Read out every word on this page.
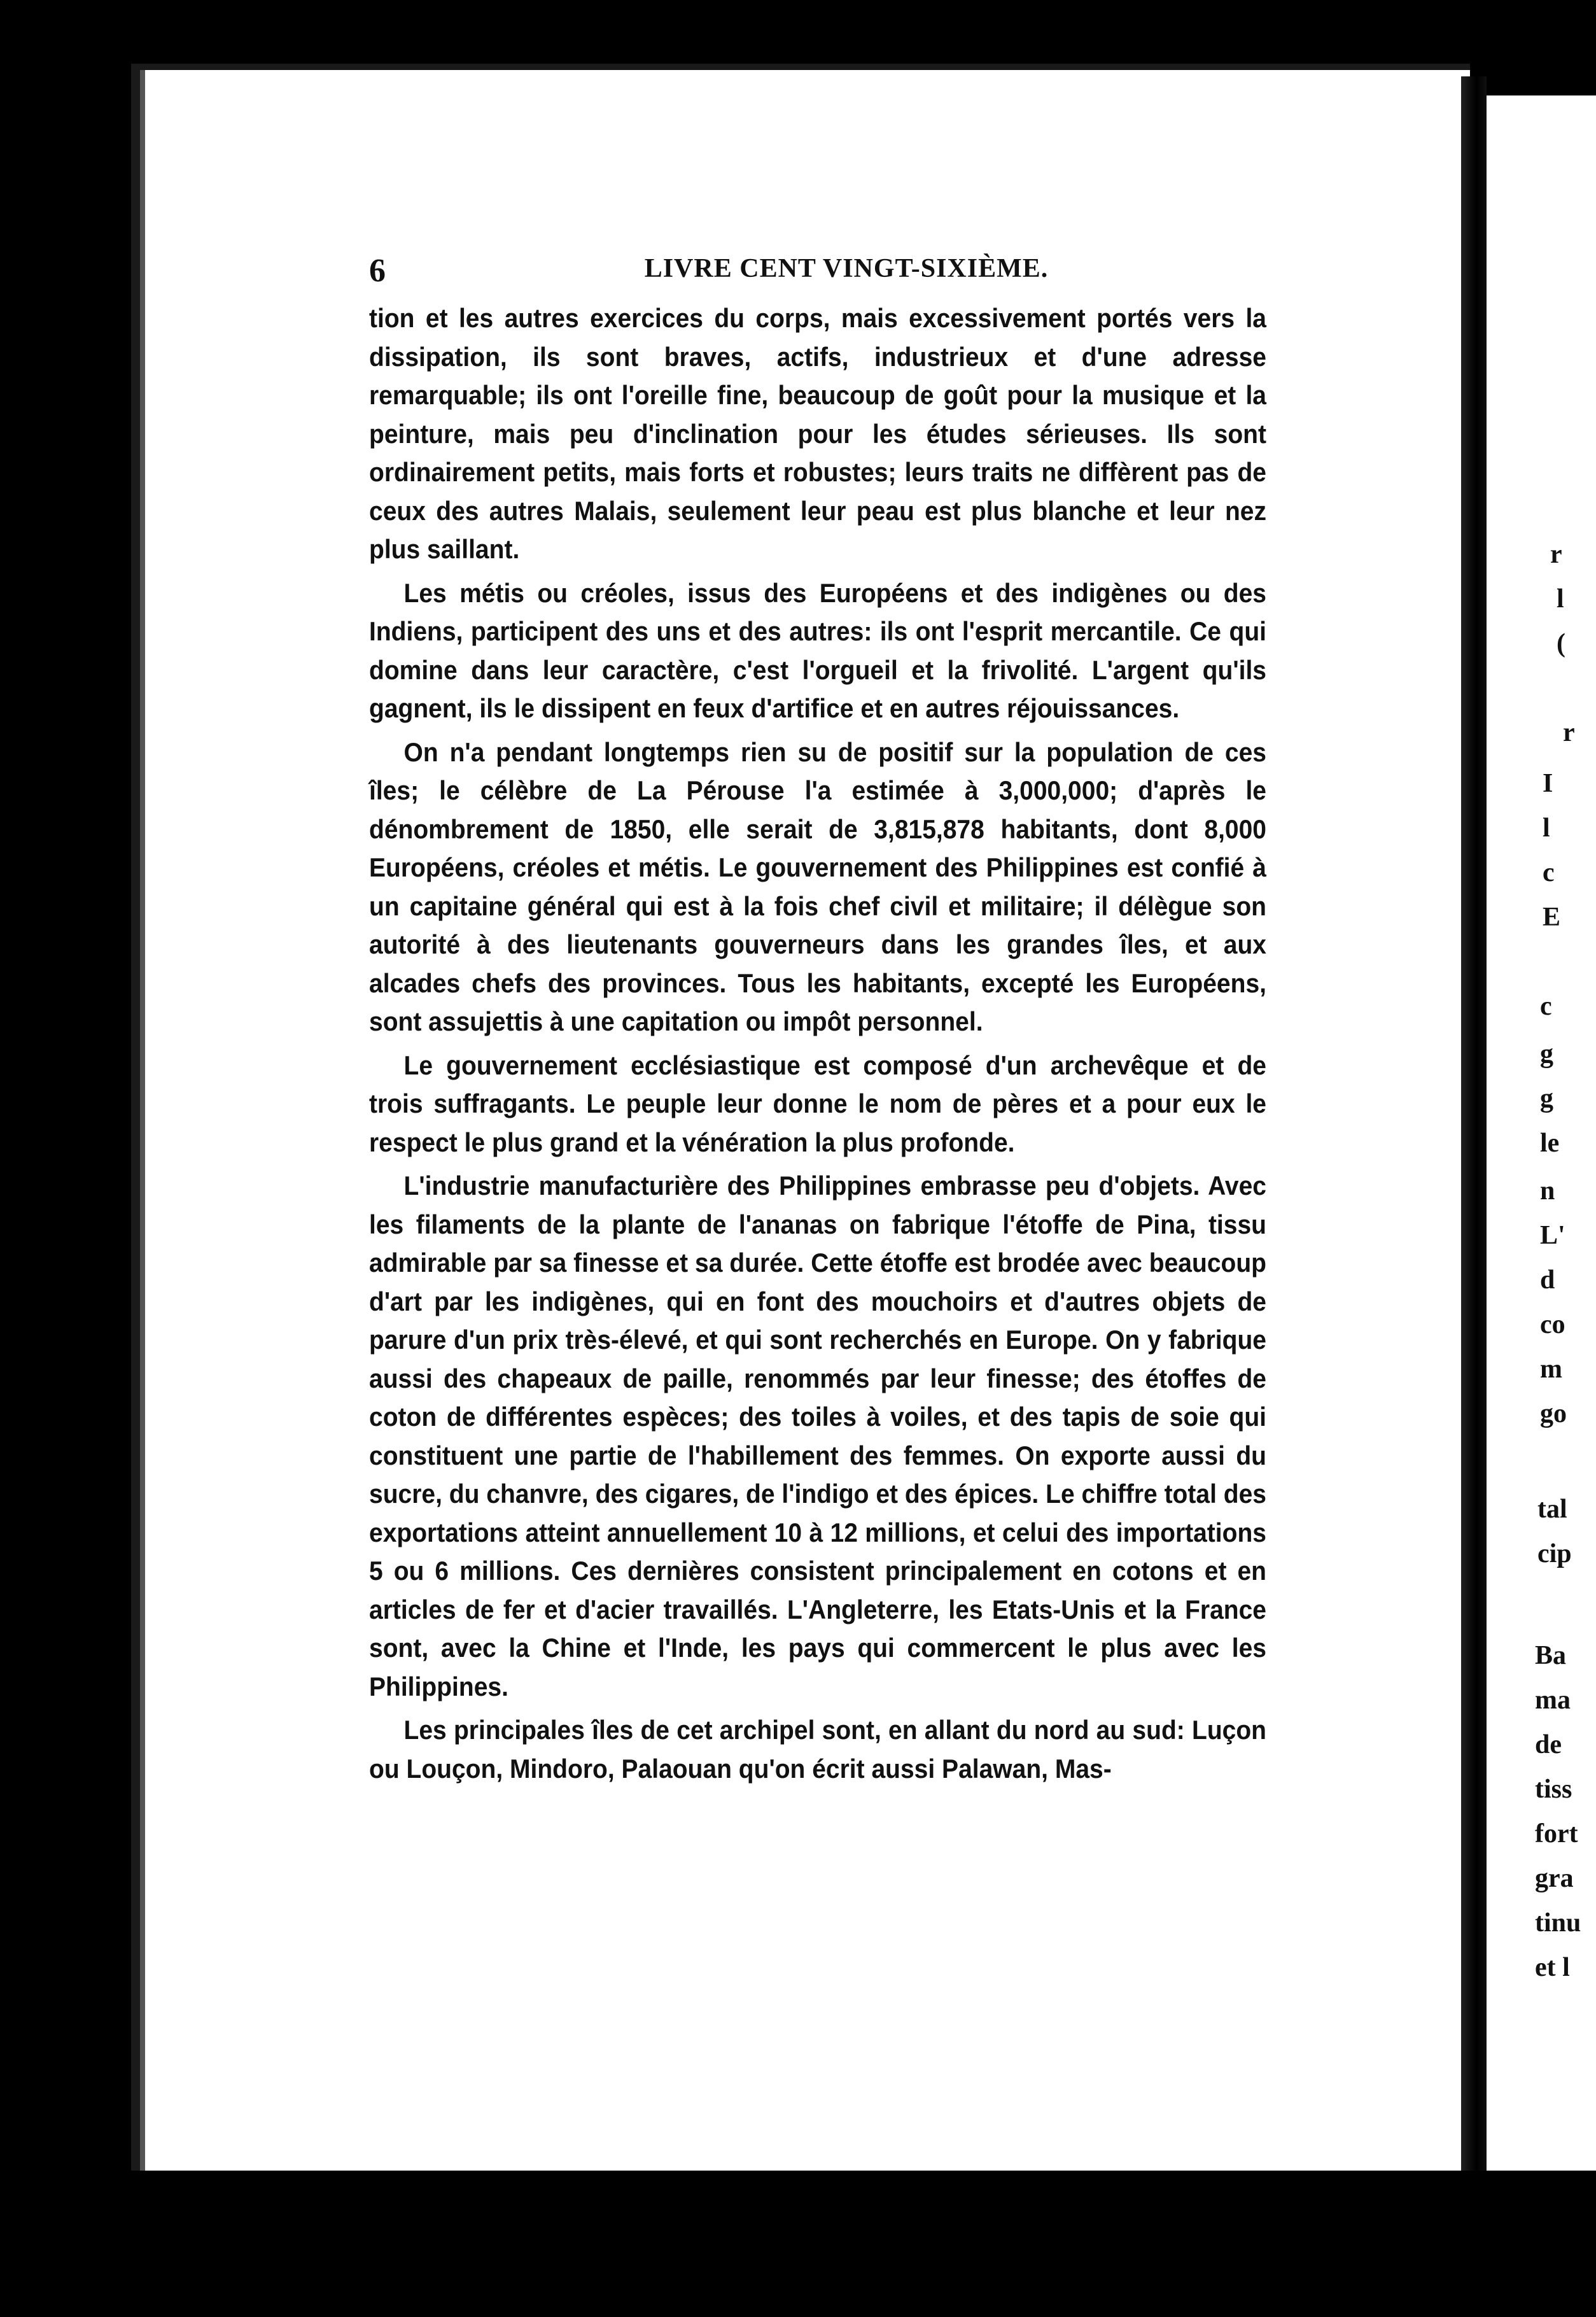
r
l
(
r
I
l
c
E
c
g
g
le
n
L'
d
co
m
go
tal
cip
Ba
ma
de
tiss
fort
gra
tinu
et l
6	LIVRE CENT VINGT-SIXIÈME.

tion et les autres exercices du corps, mais excessivement portés vers la dissipation, ils sont braves, actifs, industrieux et d'une adresse remarquable; ils ont l'oreille fine, beaucoup de goût pour la musique et la peinture, mais peu d'inclination pour les études sérieuses. Ils sont ordinairement petits, mais forts et robustes; leurs traits ne diffèrent pas de ceux des autres Malais, seulement leur peau est plus blanche et leur nez plus saillant.

Les métis ou créoles, issus des Européens et des indigènes ou des Indiens, participent des uns et des autres: ils ont l'esprit mercantile. Ce qui domine dans leur caractère, c'est l'orgueil et la frivolité. L'argent qu'ils gagnent, ils le dissipent en feux d'artifice et en autres réjouissances.

On n'a pendant longtemps rien su de positif sur la population de ces îles; le célèbre de La Pérouse l'a estimée à 3,000,000; d'après le dénombrement de 1850, elle serait de 3,815,878 habitants, dont 8,000 Européens, créoles et métis. Le gouvernement des Philippines est confié à un capitaine général qui est à la fois chef civil et militaire; il délègue son autorité à des lieutenants gouverneurs dans les grandes îles, et aux alcades chefs des provinces. Tous les habitants, excepté les Européens, sont assujettis à une capitation ou impôt personnel.

Le gouvernement ecclésiastique est composé d'un archevêque et de trois suffragants. Le peuple leur donne le nom de pères et a pour eux le respect le plus grand et la vénération la plus profonde.

L'industrie manufacturière des Philippines embrasse peu d'objets. Avec les filaments de la plante de l'ananas on fabrique l'étoffe de Pina, tissu admirable par sa finesse et sa durée. Cette étoffe est brodée avec beaucoup d'art par les indigènes, qui en font des mouchoirs et d'autres objets de parure d'un prix très-élevé, et qui sont recherchés en Europe. On y fabrique aussi des chapeaux de paille, renommés par leur finesse; des étoffes de coton de différentes espèces; des toiles à voiles, et des tapis de soie qui constituent une partie de l'habillement des femmes. On exporte aussi du sucre, du chanvre, des cigares, de l'indigo et des épices. Le chiffre total des exportations atteint annuellement 10 à 12 millions, et celui des importations 5 ou 6 millions. Ces dernières consistent principalement en cotons et en articles de fer et d'acier travaillés. L'Angleterre, les Etats-Unis et la France sont, avec la Chine et l'Inde, les pays qui commercent le plus avec les Philippines.

Les principales îles de cet archipel sont, en allant du nord au sud: Luçon ou Louçon, Mindoro, Palaouan qu'on écrit aussi Palawan, Mas-
